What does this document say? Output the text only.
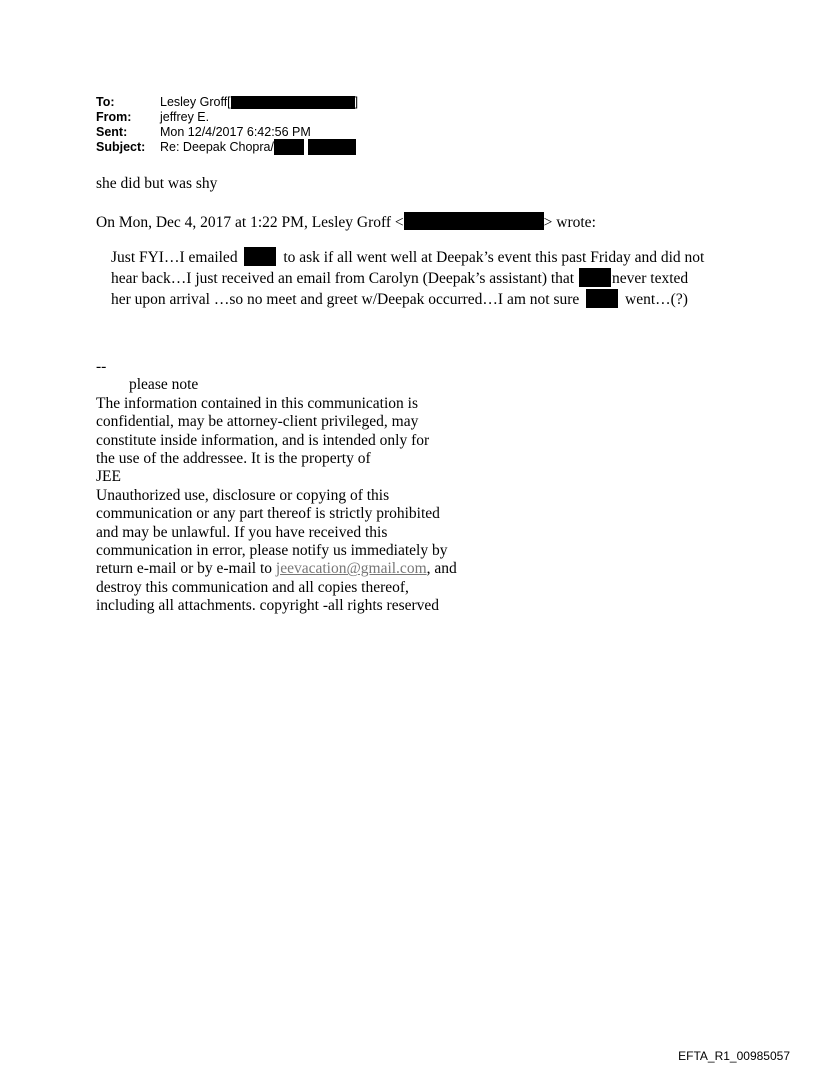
To:	Lesley Groff[	]
From:	jeffrey E.
Sent:	Mon 12/4/2017 6:42:56 PM
Subject:	Re: Deepak Chopra/
she did but was shy
On Mon, Dec 4, 2017 at 1:22 PM, Lesley Groff <	> wrote:
Just FYI…I emailed	to ask if all went well at Deepak’s event this past Friday and did not
hear back…I just received an email from Carolyn (Deepak’s assistant) that never texted
her upon arrival …so no meet and greet w/Deepak occurred…I am not sure	went…(?)
--
please note
The information contained in this communication is
confidential, may be attorney-client privileged, may
constitute inside information, and is intended only for
the use of the addressee. It is the property of
JEE
Unauthorized use, disclosure or copying of this
communication or any part thereof is strictly prohibited
and may be unlawful. If you have received this
communication in error, please notify us immediately by
return e-mail or by e-mail to jeevacation@gmail.com, and
destroy this communication and all copies thereof,
including all attachments. copyright -all rights reserved
EFTA_R1_00985057
